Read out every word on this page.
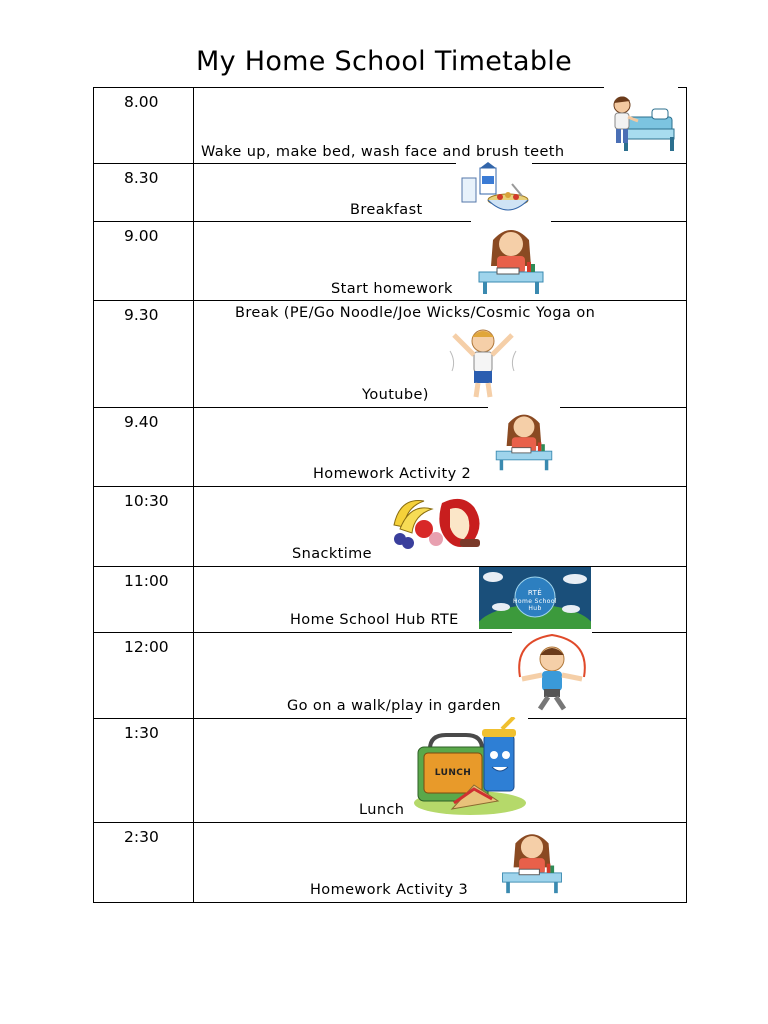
My Home School Timetable
8.00	Wake up, make bed, wash face and brush teeth

8.30	Breakfast

9.00	Start homework

9.30	Break (PE/Go Noodle/Joe Wicks/Cosmic Yoga on
Youtube)

9.40	Homework Activity 2

10:30	Snacktime

11:00	Home School Hub RTE
RTÉ
Home School
Hub

12:00	Go on a walk/play in garden

1:30	Lunch
LUNCH

2:30	Homework Activity 3
